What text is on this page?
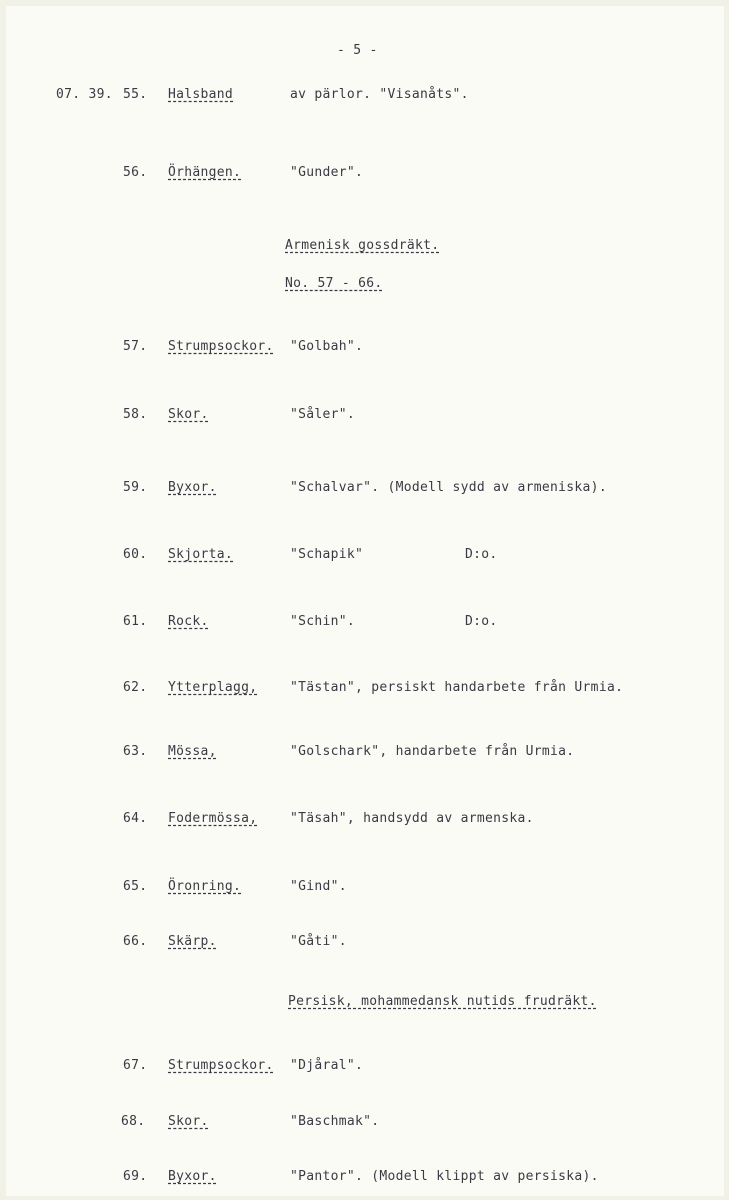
- 5 -
07. 39. 55. Halsband	av pärlor. "Visanåts".
56. Örhängen.	"Gunder".
Armenisk gossdräkt.
No. 57 - 66.
57. Strumpsockor. "Golbah".
58. Skor.	"Såler".
59. Byxor.	"Schalvar". (Modell sydd av armeniska).
60. Skjorta.	"Schapik"	D:o.
61. Rock.	"Schin".	D:o.
62. Ytterplagg,	"Tästan", persiskt handarbete från Urmia.
63. Mössa,	"Golschark", handarbete från Urmia.
64. Fodermössa,	"Täsah", handsydd av armenska.
65. Öronring.	"Gind".
66. Skärp.	"Gåti".
Persisk, mohammedansk nutids frudräkt.
67. Strumpsockor. "Djåral".
68. Skor.	"Baschmak".
69. Byxor.	"Pantor". (Modell klippt av persiska).
